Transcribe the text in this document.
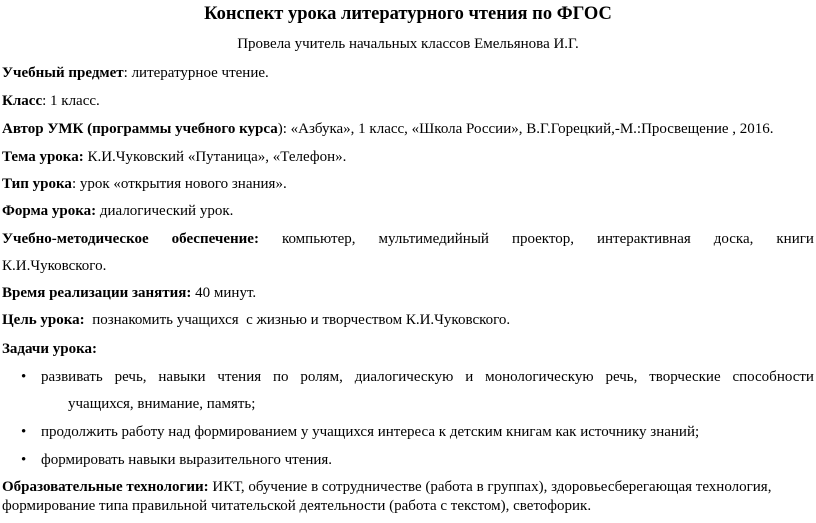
Конспект урока литературного чтения по ФГОС
Провела учитель начальных классов Емельянова И.Г.
Учебный предмет: литературное чтение.
Класс: 1 класс.
Автор УМК (программы учебного курса): «Азбука», 1 класс, «Школа России», В.Г.Горецкий,-М.:Просвещение , 2016.
Тема урока: К.И.Чуковский «Путаница», «Телефон».
Тип урока: урок «открытия нового знания».
Форма урока: диалогический урок.
Учебно-методическое обеспечение: компьютер, мультимедийный проектор, интерактивная доска, книги
К.И.Чуковского.
Время реализации занятия: 40 минут.
Цель урока:  познакомить учащихся  с жизнью и творчеством К.И.Чуковского.
Задачи урока:
• развивать речь, навыки чтения по ролям, диалогическую и монологическую речь, творческие способности
учащихся, внимание, память;
• продолжить работу над формированием у учащихся интереса к детским книгам как источнику знаний;
• формировать навыки выразительного чтения.
Образовательные технологии: ИКТ, обучение в сотрудничестве (работа в группах), здоровьесберегающая технология,
формирование типа правильной читательской деятельности (работа с текстом), светофорик.
